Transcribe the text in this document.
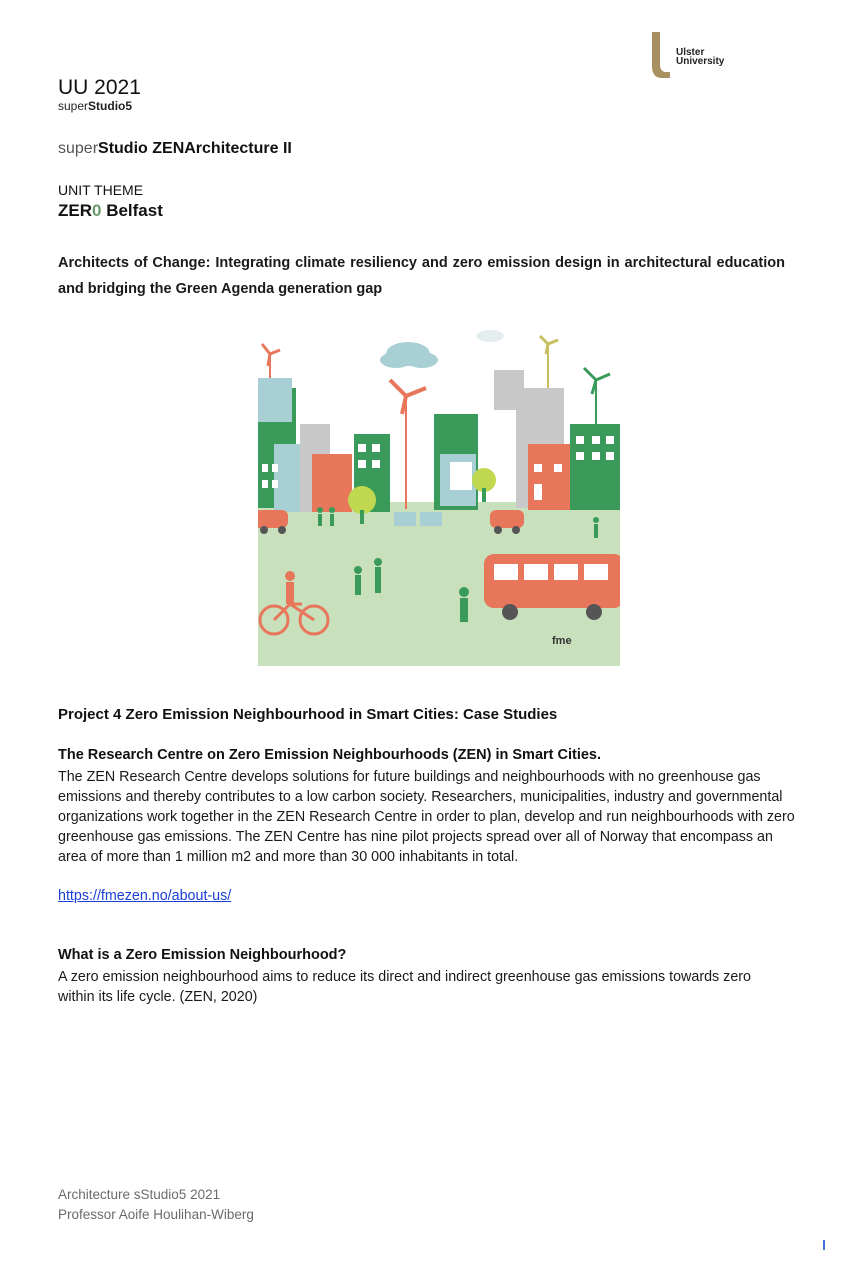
Ulster
University
UU 2021
superStudio5
superStudio ZENArchitecture II
UNIT THEME
ZER0 Belfast
Architects of Change: Integrating climate resiliency and zero emission design in architectural education and bridging the Green Agenda generation gap
fme
Project 4 Zero Emission Neighbourhood in Smart Cities: Case Studies
The Research Centre on Zero Emission Neighbourhoods (ZEN) in Smart Cities.
The ZEN Research Centre develops solutions for future buildings and neighbourhoods with no greenhouse gas emissions and thereby contributes to a low carbon society. Researchers, municipalities, industry and governmental organizations work together in the ZEN Research Centre in order to plan, develop and run neighbourhoods with zero greenhouse gas emissions. The ZEN Centre has nine pilot projects spread over all of Norway that encompass an area of more than 1 million m2 and more than 30 000 inhabitants in total.
https://fmezen.no/about-us/
What is a Zero Emission Neighbourhood?
A zero emission neighbourhood aims to reduce its direct and indirect greenhouse gas emissions towards zero within its life cycle. (ZEN, 2020)
Architecture sStudio5 2021
Professor Aoife Houlihan-Wiberg
